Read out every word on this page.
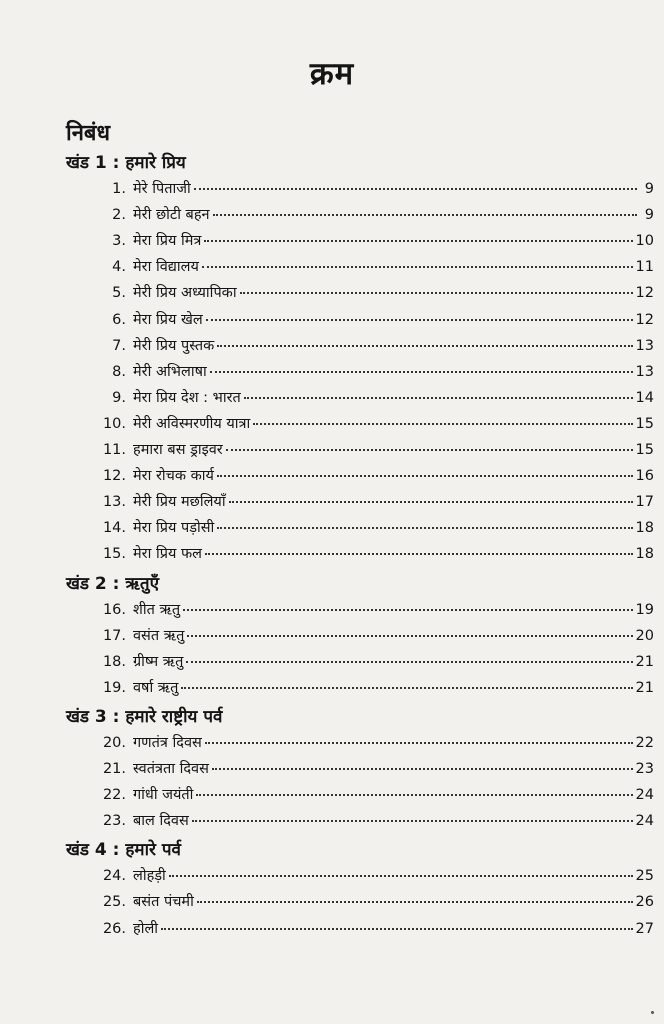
क्रम
निबंध
खंड 1 : हमारे प्रिय
1. मेरे पिताजी	9
2. मेरी छोटी बहन	9
3. मेरा प्रिय मित्र	10
4. मेरा विद्यालय	11
5. मेरी प्रिय अध्यापिका	12
6. मेरा प्रिय खेल	12
7. मेरी प्रिय पुस्तक	13
8. मेरी अभिलाषा	13
9. मेरा प्रिय देश : भारत	14
10. मेरी अविस्मरणीय यात्रा	15
11. हमारा बस ड्राइवर	15
12. मेरा रोचक कार्य	16
13. मेरी प्रिय मछलियाँ	17
14. मेरा प्रिय पड़ोसी	18
15. मेरा प्रिय फल	18
खंड 2 : ऋतुएँ
16. शीत ऋतु	19
17. वसंत ऋतु	20
18. ग्रीष्म ऋतु	21
19. वर्षा ऋतु	21
खंड 3 : हमारे राष्ट्रीय पर्व
20. गणतंत्र दिवस	22
21. स्वतंत्रता दिवस	23
22. गांधी जयंती	24
23. बाल दिवस	24
खंड 4 : हमारे पर्व
24. लोहड़ी	25
25. बसंत पंचमी	26
26. होली	27
